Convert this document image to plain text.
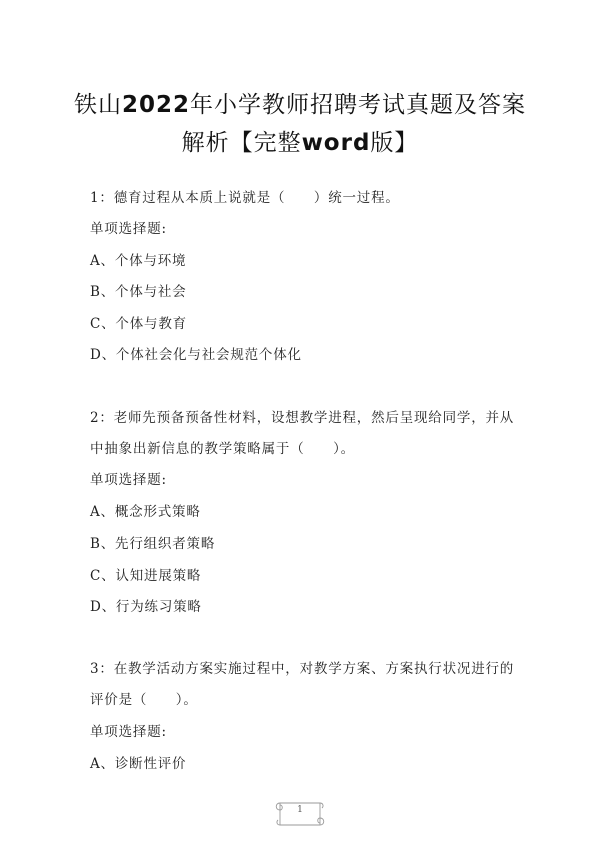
铁山2022年小学教师招聘考试真题及答案
解析【完整word版】
1：德育过程从本质上说就是（　　）统一过程。
单项选择题:
A、个体与环境
B、个体与社会
C、个体与教育
D、个体社会化与社会规范个体化
2：老师先预备预备性材料，设想教学进程，然后呈现给同学，并从
中抽象出新信息的教学策略属于（　　）。
单项选择题:
A、概念形式策略
B、先行组织者策略
C、认知进展策略
D、行为练习策略
3：在教学活动方案实施过程中，对教学方案、方案执行状况进行的
评价是（　　）。
单项选择题:
A、诊断性评价
1
